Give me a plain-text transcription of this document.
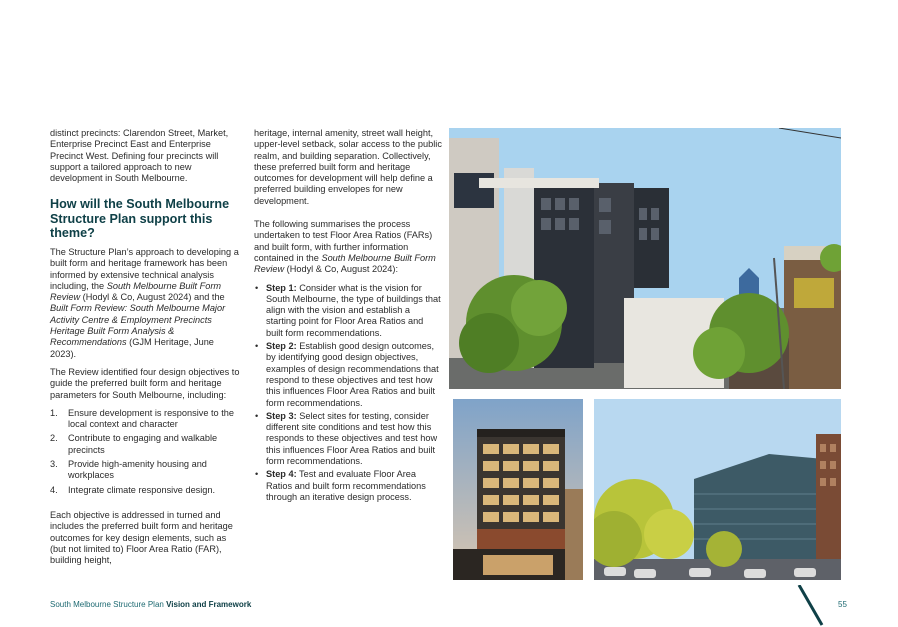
distinct precincts: Clarendon Street, Market, Enterprise Precinct East and Enterprise Precinct West. Defining four precincts will support a tailored approach to new development in South Melbourne.

How will the South Melbourne Structure Plan support this theme?

The Structure Plan’s approach to developing a built form and heritage framework has been informed by extensive technical analysis including, the South Melbourne Built Form Review (Hodyl & Co, August 2024) and the Built Form Review: South Melbourne Major Activity Centre & Employment Precincts Heritage Built Form Analysis & Recommendations (GJM Heritage, June 2023).

The Review identified four design objectives to guide the preferred built form and heritage parameters for South Melbourne, including:

1. Ensure development is responsive to the local context and character
2. Contribute to engaging and walkable precincts
3. Provide high-amenity housing and workplaces
4. Integrate climate responsive design.

Each objective is addressed in turned and includes the preferred built form and heritage outcomes for key design elements, such as (but not limited to) Floor Area Ratio (FAR), building height,

heritage, internal amenity, street wall height, upper-level setback, solar access to the public realm, and building separation. Collectively, these preferred built form and heritage outcomes for development will help define a preferred building envelopes for new development.

The following summarises the process undertaken to test Floor Area Ratios (FARs) and built form, with further information contained in the South Melbourne Built Form Review (Hodyl & Co, August 2024):

• Step 1: Consider what is the vision for South Melbourne, the type of buildings that align with the vision and establish a starting point for Floor Area Ratios and built form recommendations.
• Step 2: Establish good design outcomes, by identifying good design objectives, examples of design recommendations that respond to these objectives and test how this influences Floor Area Ratios and built form recommendations.
• Step 3: Select sites for testing, consider different site conditions and test how this responds to these objectives and test how this influences Floor Area Ratios and built form recommendations.
• Step 4: Test and evaluate Floor Area Ratios and built form recommendations through an iterative design process.
South Melbourne Structure Plan Vision and Framework	55
